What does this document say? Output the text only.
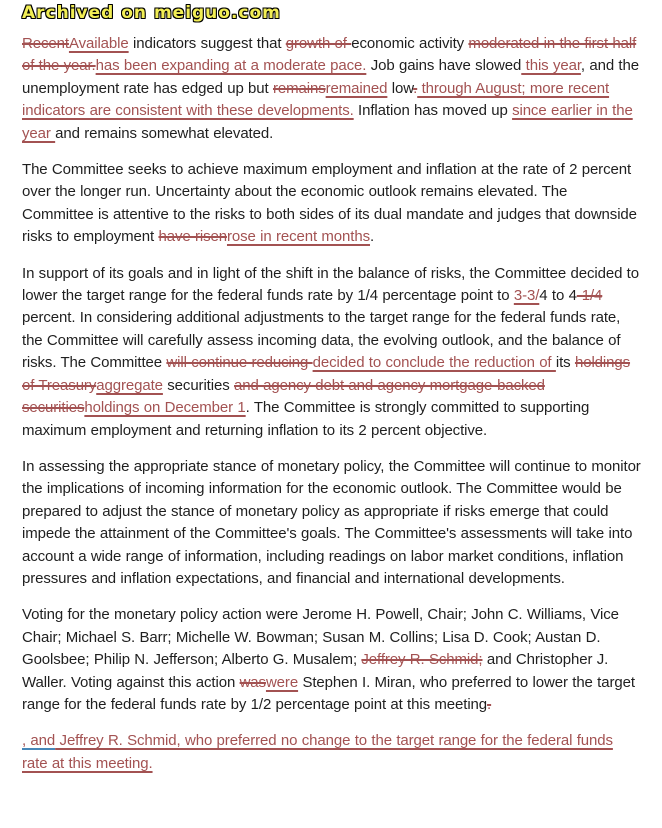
Archived on meiguo.com

RecentAvailable indicators suggest that growth of economic activity moderated in the first half of the year.has been expanding at a moderate pace. Job gains have slowed this year, and the unemployment rate has edged up but remainsremained low. through August; more recent indicators are consistent with these developments. Inflation has moved up since earlier in the year and remains somewhat elevated.

The Committee seeks to achieve maximum employment and inflation at the rate of 2 percent over the longer run. Uncertainty about the economic outlook remains elevated. The Committee is attentive to the risks to both sides of its dual mandate and judges that downside risks to employment have risenrose in recent months.

In support of its goals and in light of the shift in the balance of risks, the Committee decided to lower the target range for the federal funds rate by 1/4 percentage point to 3-3/4 to 4-1/4 percent. In considering additional adjustments to the target range for the federal funds rate, the Committee will carefully assess incoming data, the evolving outlook, and the balance of risks. The Committee will continue reducing decided to conclude the reduction of its holdings of Treasuryaggregate securities and agency debt and agency mortgage-backed securitiesholdings on December 1. The Committee is strongly committed to supporting maximum employment and returning inflation to its 2 percent objective.

In assessing the appropriate stance of monetary policy, the Committee will continue to monitor the implications of incoming information for the economic outlook. The Committee would be prepared to adjust the stance of monetary policy as appropriate if risks emerge that could impede the attainment of the Committee's goals. The Committee's assessments will take into account a wide range of information, including readings on labor market conditions, inflation pressures and inflation expectations, and financial and international developments.

Voting for the monetary policy action were Jerome H. Powell, Chair; John C. Williams, Vice Chair; Michael S. Barr; Michelle W. Bowman; Susan M. Collins; Lisa D. Cook; Austan D. Goolsbee; Philip N. Jefferson; Alberto G. Musalem; Jeffrey R. Schmid; and Christopher J. Waller. Voting against this action waswere Stephen I. Miran, who preferred to lower the target range for the federal funds rate by 1/2 percentage point at this meeting.

, and Jeffrey R. Schmid, who preferred no change to the target range for the federal funds rate at this meeting.
